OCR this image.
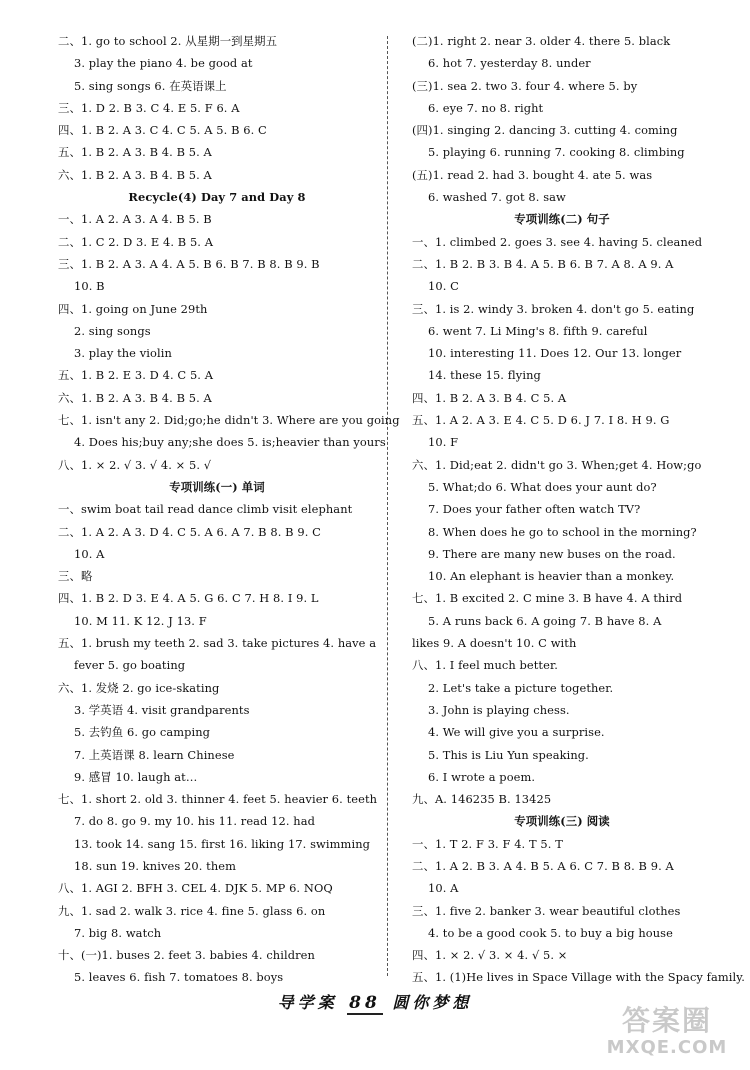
二、1. go to school 2. 从星期一到星期五
3. play the piano 4. be good at
5. sing songs 6. 在英语课上
三、1. D 2. B 3. C 4. E 5. F 6. A
四、1. B 2. A 3. C 4. C 5. A 5. B 6. C
五、1. B 2. A 3. B 4. B 5. A
六、1. B 2. A 3. B 4. B 5. A
Recycle(4) Day 7 and Day 8
一、1. A 2. A 3. A 4. B 5. B
二、1. C 2. D 3. E 4. B 5. A
三、1. B 2. A 3. A 4. A 5. B 6. B 7. B 8. B 9. B
10. B
四、1. going on June 29th
2. sing songs
3. play the violin
五、1. B 2. E 3. D 4. C 5. A
六、1. B 2. A 3. B 4. B 5. A
七、1. isn't any 2. Did;go;he didn't 3. Where are you going
4. Does his;buy any;she does 5. is;heavier than yours
八、1. × 2. √ 3. √ 4. × 5. √
专项训练(一) 单词
一、swim boat tail read dance climb visit elephant
二、1. A 2. A 3. D 4. C 5. A 6. A 7. B 8. B 9. C
10. A
三、略
四、1. B 2. D 3. E 4. A 5. G 6. C 7. H 8. I 9. L
10. M 11. K 12. J 13. F
五、1. brush my teeth 2. sad 3. take pictures 4. have a
fever 5. go boating
六、1. 发烧 2. go ice-skating
3. 学英语 4. visit grandparents
5. 去钓鱼 6. go camping
7. 上英语课 8. learn Chinese
9. 感冒 10. laugh at…
七、1. short 2. old 3. thinner 4. feet 5. heavier 6. teeth
7. do 8. go 9. my 10. his 11. read 12. had
13. took 14. sang 15. first 16. liking 17. swimming
18. sun 19. knives 20. them
八、1. AGI 2. BFH 3. CEL 4. DJK 5. MP 6. NOQ
九、1. sad 2. walk 3. rice 4. fine 5. glass 6. on
7. big 8. watch
十、(一)1. buses 2. feet 3. babies 4. children
5. leaves 6. fish 7. tomatoes 8. boys
(二)1. right 2. near 3. older 4. there 5. black
6. hot 7. yesterday 8. under
(三)1. sea 2. two 3. four 4. where 5. by
6. eye 7. no 8. right
(四)1. singing 2. dancing 3. cutting 4. coming
5. playing 6. running 7. cooking 8. climbing
(五)1. read 2. had 3. bought 4. ate 5. was
6. washed 7. got 8. saw
专项训练(二) 句子
一、1. climbed 2. goes 3. see 4. having 5. cleaned
二、1. B 2. B 3. B 4. A 5. B 6. B 7. A 8. A 9. A
10. C
三、1. is 2. windy 3. broken 4. don't go 5. eating
6. went 7. Li Ming's 8. fifth 9. careful
10. interesting 11. Does 12. Our 13. longer
14. these 15. flying
四、1. B 2. A 3. B 4. C 5. A
五、1. A 2. A 3. E 4. C 5. D 6. J 7. I 8. H 9. G
10. F
六、1. Did;eat 2. didn't go 3. When;get 4. How;go
5. What;do 6. What does your aunt do?
7. Does your father often watch TV?
8. When does he go to school in the morning?
9. There are many new buses on the road.
10. An elephant is heavier than a monkey.
七、1. B excited 2. C mine 3. B have 4. A third
5. A runs back 6. A going 7. B have 8. A
likes 9. A doesn't 10. C with
八、1. I feel much better.
2. Let's take a picture together.
3. John is playing chess.
4. We will give you a surprise.
5. This is Liu Yun speaking.
6. I wrote a poem.
九、A. 146235 B. 13425
专项训练(三) 阅读
一、1. T 2. F 3. F 4. T 5. T
二、1. A 2. B 3. A 4. B 5. A 6. C 7. B 8. B 9. A
10. A
三、1. five 2. banker 3. wear beautiful clothes
4. to be a good cook 5. to buy a big house
四、1. × 2. √ 3. × 4. √ 5. ×
五、1. (1)He lives in Space Village with the Spacy family.
导学案 88 圆你梦想
答案圈
MXQE.COM
